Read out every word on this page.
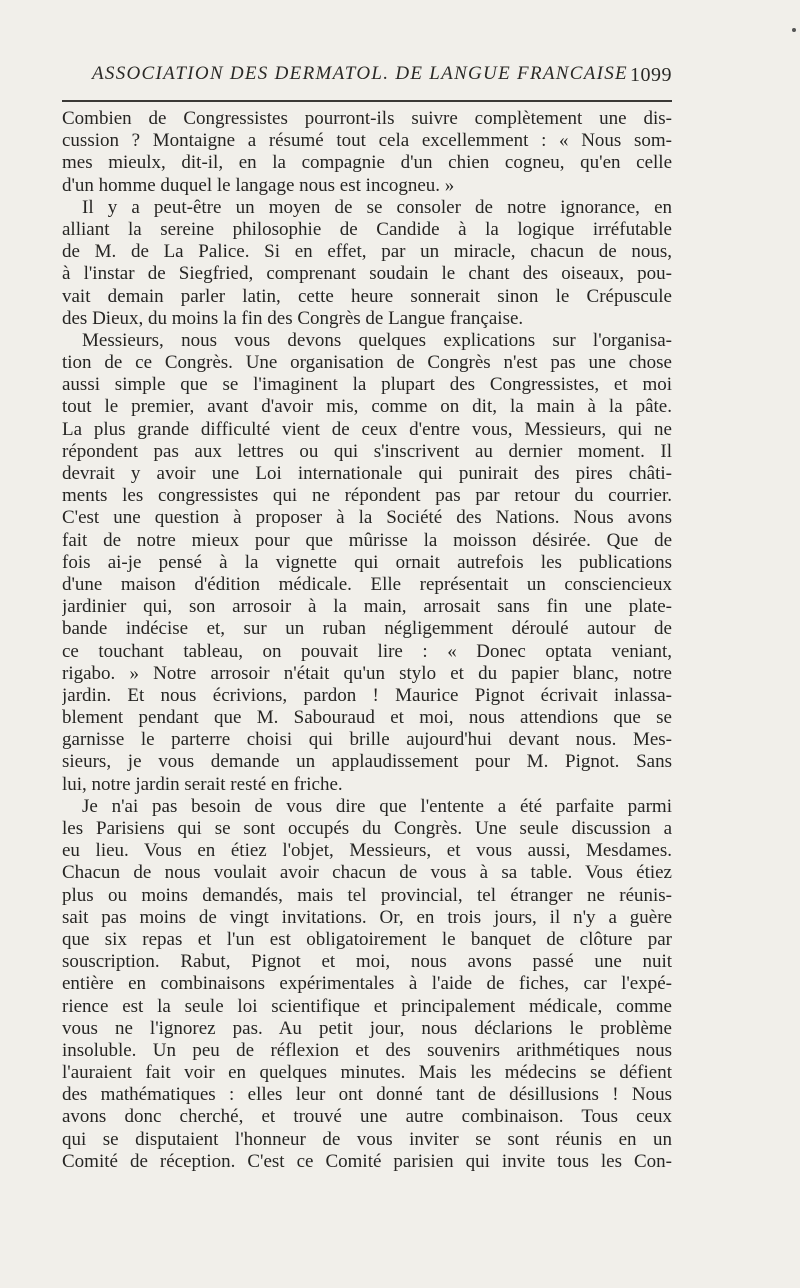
ASSOCIATION DES DERMATOL. DE LANGUE FRANCAISE 1099
Combien de Congressistes pourront-ils suivre complètement une dis-
cussion ? Montaigne a résumé tout cela excellemment : « Nous som-
mes mieulx, dit-il, en la compagnie d'un chien cogneu, qu'en celle
d'un homme duquel le langage nous est incogneu. »
Il y a peut-être un moyen de se consoler de notre ignorance, en
alliant la sereine philosophie de Candide à la logique irréfutable
de M. de La Palice. Si en effet, par un miracle, chacun de nous,
à l'instar de Siegfried, comprenant soudain le chant des oiseaux, pou-
vait demain parler latin, cette heure sonnerait sinon le Crépuscule
des Dieux, du moins la fin des Congrès de Langue française.
Messieurs, nous vous devons quelques explications sur l'organisa-
tion de ce Congrès. Une organisation de Congrès n'est pas une chose
aussi simple que se l'imaginent la plupart des Congressistes, et moi
tout le premier, avant d'avoir mis, comme on dit, la main à la pâte.
La plus grande difficulté vient de ceux d'entre vous, Messieurs, qui ne
répondent pas aux lettres ou qui s'inscrivent au dernier moment. Il
devrait y avoir une Loi internationale qui punirait des pires châti-
ments les congressistes qui ne répondent pas par retour du courrier.
C'est une question à proposer à la Société des Nations. Nous avons
fait de notre mieux pour que mûrisse la moisson désirée. Que de
fois ai-je pensé à la vignette qui ornait autrefois les publications
d'une maison d'édition médicale. Elle représentait un consciencieux
jardinier qui, son arrosoir à la main, arrosait sans fin une plate-
bande indécise et, sur un ruban négligemment déroulé autour de
ce touchant tableau, on pouvait lire : « Donec optata veniant,
rigabo. » Notre arrosoir n'était qu'un stylo et du papier blanc, notre
jardin. Et nous écrivions, pardon ! Maurice Pignot écrivait inlassa-
blement pendant que M. Sabouraud et moi, nous attendions que se
garnisse le parterre choisi qui brille aujourd'hui devant nous. Mes-
sieurs, je vous demande un applaudissement pour M. Pignot. Sans
lui, notre jardin serait resté en friche.
Je n'ai pas besoin de vous dire que l'entente a été parfaite parmi
les Parisiens qui se sont occupés du Congrès. Une seule discussion a
eu lieu. Vous en étiez l'objet, Messieurs, et vous aussi, Mesdames.
Chacun de nous voulait avoir chacun de vous à sa table. Vous étiez
plus ou moins demandés, mais tel provincial, tel étranger ne réunis-
sait pas moins de vingt invitations. Or, en trois jours, il n'y a guère
que six repas et l'un est obligatoirement le banquet de clôture par
souscription. Rabut, Pignot et moi, nous avons passé une nuit
entière en combinaisons expérimentales à l'aide de fiches, car l'expé-
rience est la seule loi scientifique et principalement médicale, comme
vous ne l'ignorez pas. Au petit jour, nous déclarions le problème
insoluble. Un peu de réflexion et des souvenirs arithmétiques nous
l'auraient fait voir en quelques minutes. Mais les médecins se défient
des mathématiques : elles leur ont donné tant de désillusions ! Nous
avons donc cherché, et trouvé une autre combinaison. Tous ceux
qui se disputaient l'honneur de vous inviter se sont réunis en un
Comité de réception. C'est ce Comité parisien qui invite tous les Con-
